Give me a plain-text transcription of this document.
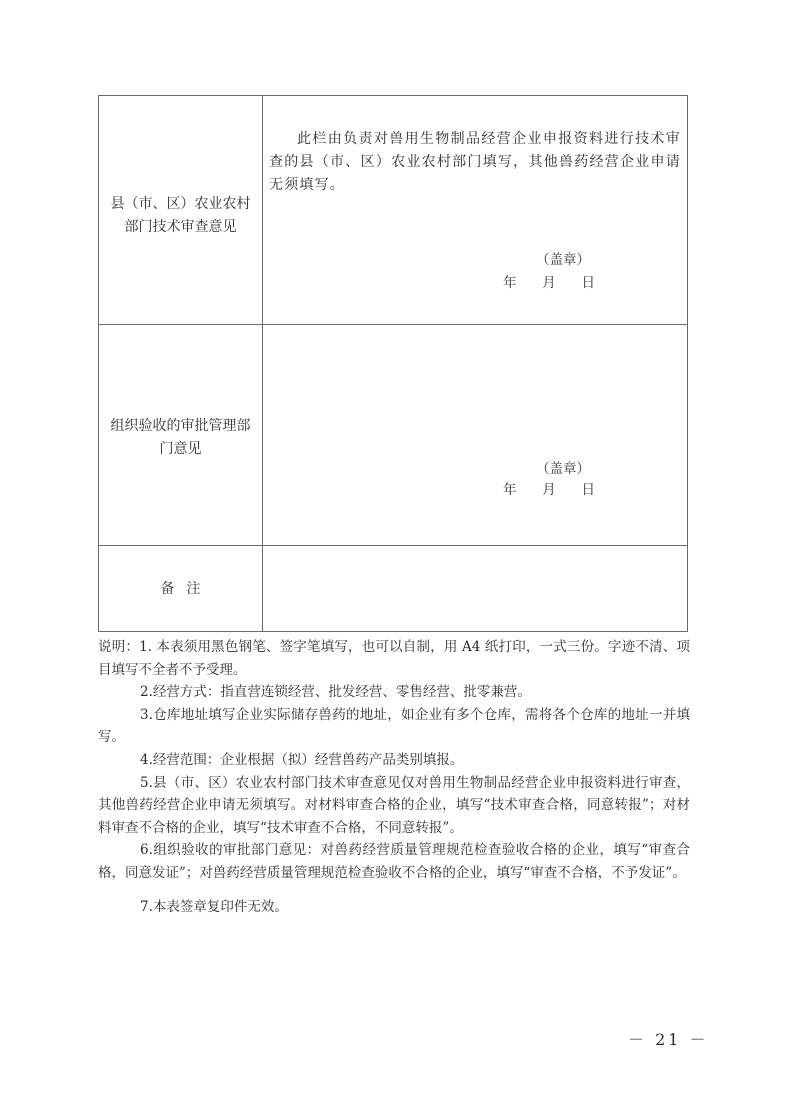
县（市、区）农业农村部门技术审查意见
此栏由负责对兽用生物制品经营企业申报资料进行技术审查的县（市、区）农业农村部门填写，其他兽药经营企业申请无须填写。
（盖章）
年      月      日
组织验收的审批管理部门意见
（盖章）
年      月      日
备注

说明：1. 本表须用黑色钢笔、签字笔填写，也可以自制，用 A4 纸打印，一式三份。字迹不清、项目填写不全者不予受理。

2.经营方式：指直营连锁经营、批发经营、零售经营、批零兼营。

3.仓库地址填写企业实际储存兽药的地址，如企业有多个仓库，需将各个仓库的地址一并填写。

4.经营范围：企业根据（拟）经营兽药产品类别填报。

5.县（市、区）农业农村部门技术审查意见仅对兽用生物制品经营企业申报资料进行审查，其他兽药经营企业申请无须填写。对材料审查合格的企业，填写“技术审查合格，同意转报”；对材料审查不合格的企业，填写“技术审查不合格，不同意转报”。

6.组织验收的审批部门意见：对兽药经营质量管理规范检查验收合格的企业，填写“审查合格，同意发证”；对兽药经营质量管理规范检查验收不合格的企业，填写“审查不合格，不予发证”。

7.本表签章复印件无效。

－ 21 －
